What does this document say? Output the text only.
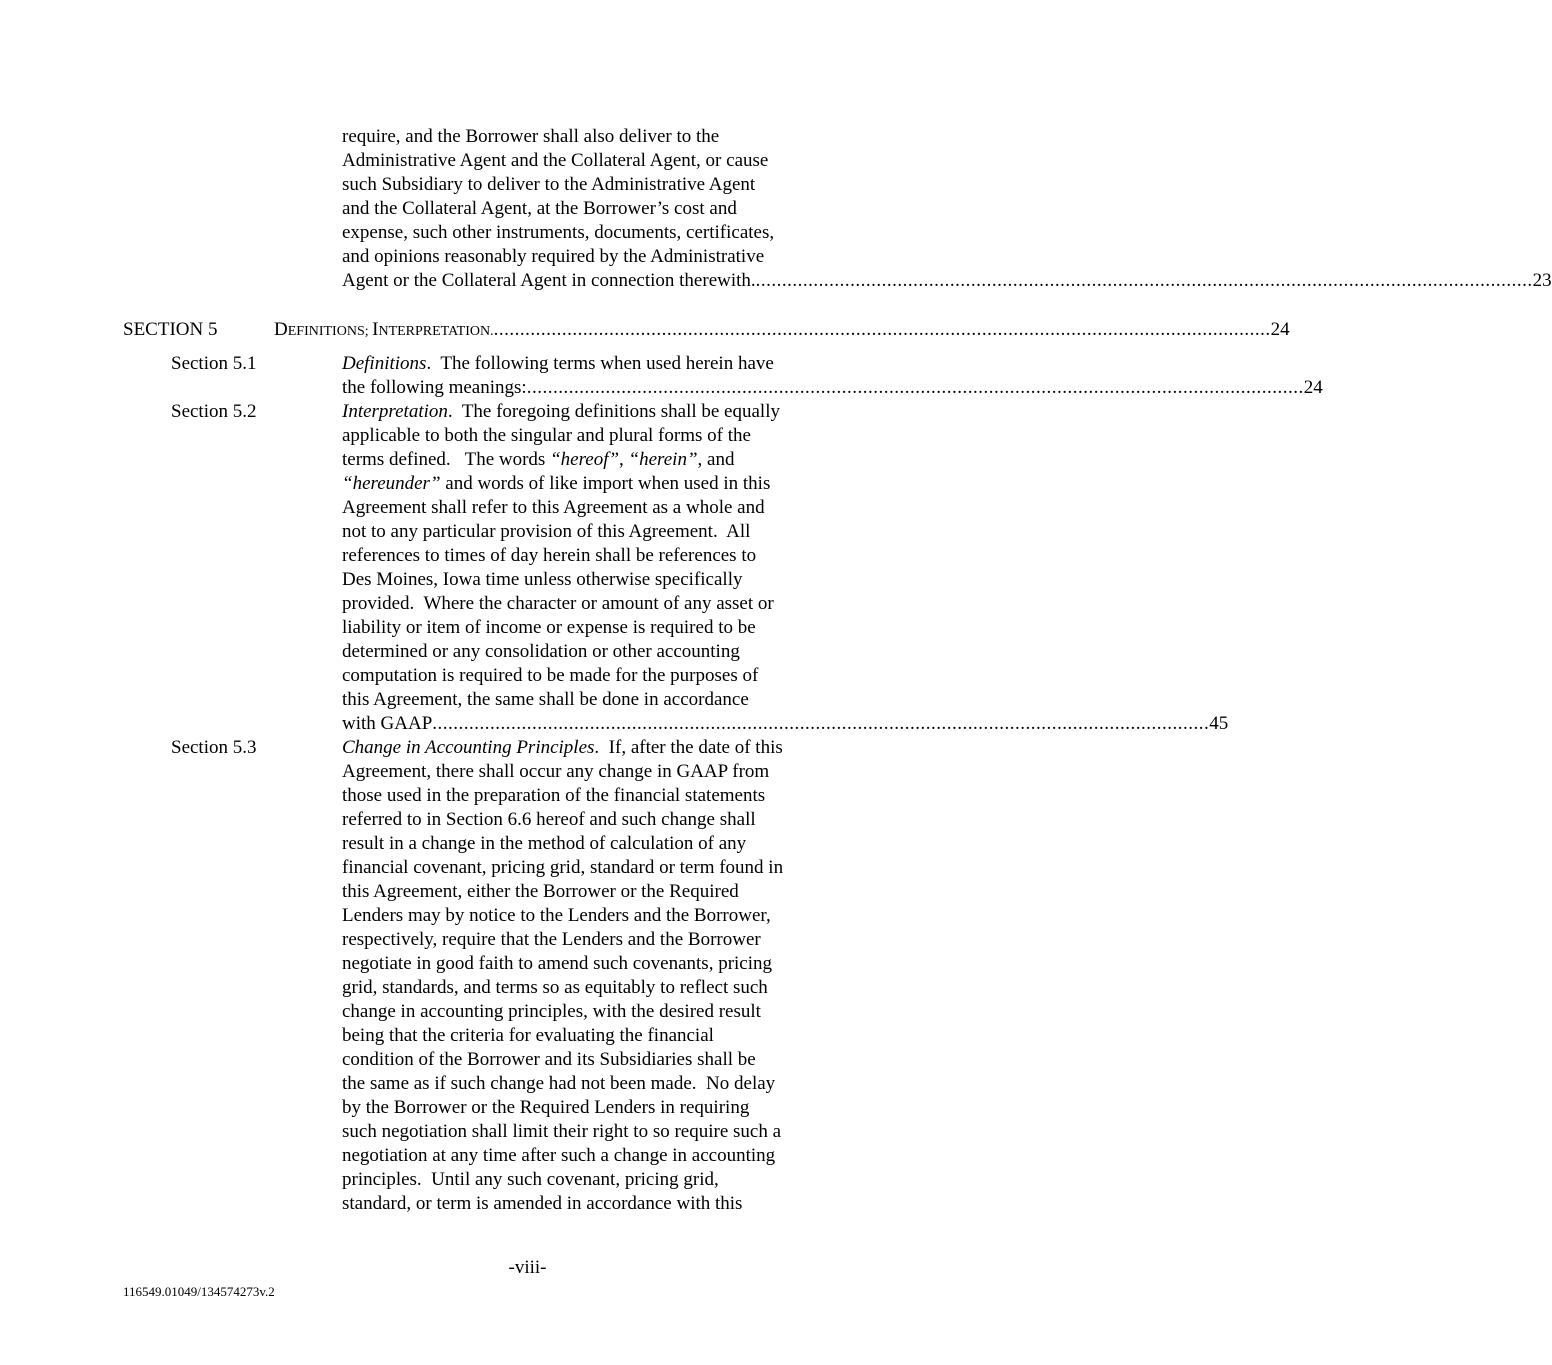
require, and the Borrower shall also deliver to the
Administrative Agent and the Collateral Agent, or cause
such Subsidiary to deliver to the Administrative Agent
and the Collateral Agent, at the Borrower’s cost and
expense, such other instruments, documents, certificates,
and opinions reasonably required by the Administrative
Agent or the Collateral Agent in connection therewith. .................................................................................................................................................... 23
SECTION 5	DEFINITIONS; INTERPRETATION. .................................................................................................................................................... 24
Section 5.1	Definitions.  The following terms when used herein have
the following meanings: .................................................................................................................................................... 24
Section 5.2	Interpretation.  The foregoing definitions shall be equally
applicable to both the singular and plural forms of the
terms defined.   The words “hereof”, “herein”, and
“hereunder” and words of like import when used in this
Agreement shall refer to this Agreement as a whole and
not to any particular provision of this Agreement.  All
references to times of day herein shall be references to
Des Moines, Iowa time unless otherwise specifically
provided.  Where the character or amount of any asset or
liability or item of income or expense is required to be
determined or any consolidation or other accounting
computation is required to be made for the purposes of
this Agreement, the same shall be done in accordance
with GAAP .................................................................................................................................................... 45
Section 5.3	Change in Accounting Principles.  If, after the date of this
Agreement, there shall occur any change in GAAP from
those used in the preparation of the financial statements
referred to in Section 6.6 hereof and such change shall
result in a change in the method of calculation of any
financial covenant, pricing grid, standard or term found in
this Agreement, either the Borrower or the Required
Lenders may by notice to the Lenders and the Borrower,
respectively, require that the Lenders and the Borrower
negotiate in good faith to amend such covenants, pricing
grid, standards, and terms so as equitably to reflect such
change in accounting principles, with the desired result
being that the criteria for evaluating the financial
condition of the Borrower and its Subsidiaries shall be
the same as if such change had not been made.  No delay
by the Borrower or the Required Lenders in requiring
such negotiation shall limit their right to so require such a
negotiation at any time after such a change in accounting
principles.  Until any such covenant, pricing grid,
standard, or term is amended in accordance with this
-viii-
116549.01049/134574273v.2
